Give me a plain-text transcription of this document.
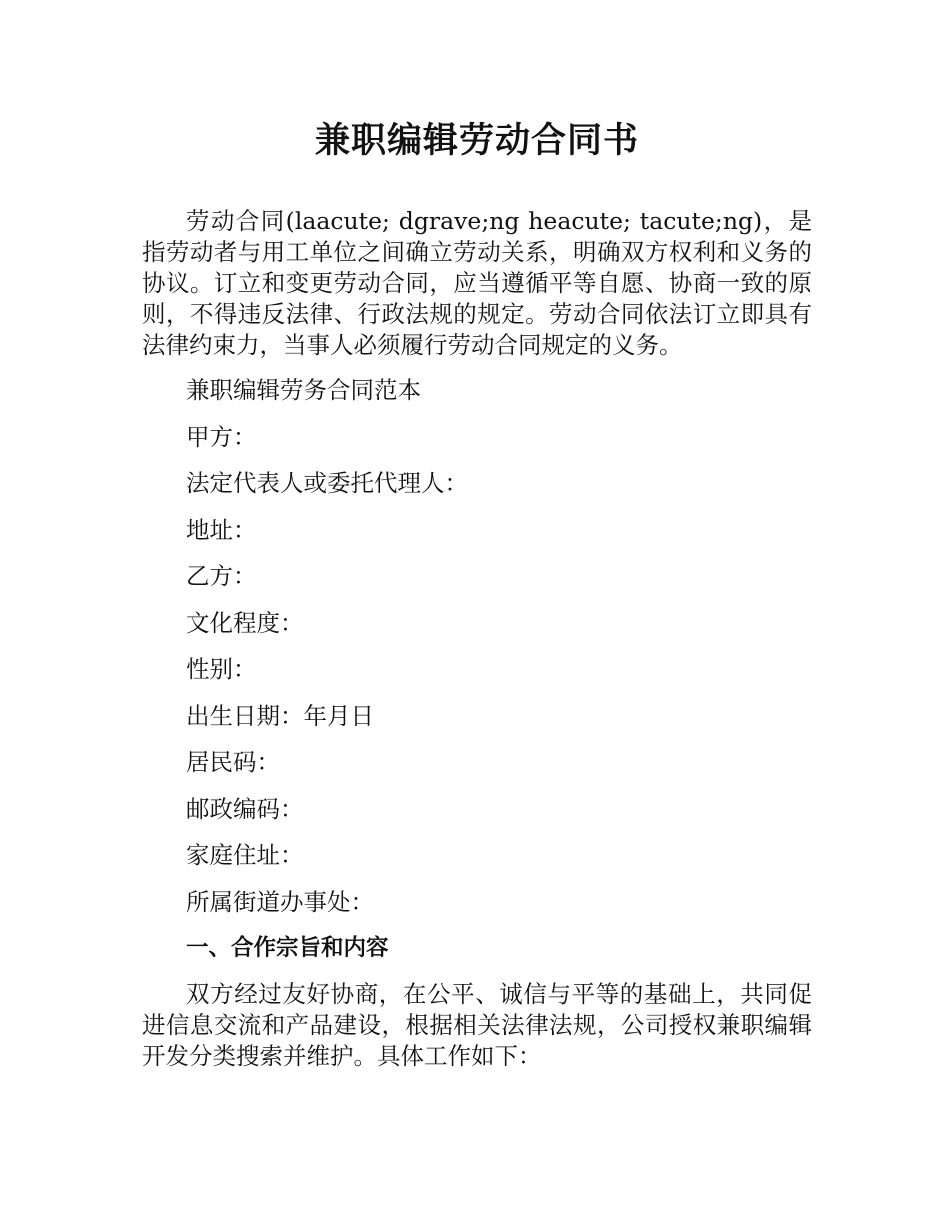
兼职编辑劳动合同书

劳动合同(laacute; dgrave;ng heacute; tacute;ng)，是指劳动者与用工单位之间确立劳动关系，明确双方权利和义务的协议。订立和变更劳动合同，应当遵循平等自愿、协商一致的原则，不得违反法律、行政法规的规定。劳动合同依法订立即具有法律约束力，当事人必须履行劳动合同规定的义务。

兼职编辑劳务合同范本
甲方：
法定代表人或委托代理人：
地址：
乙方：
文化程度：
性别：
出生日期：年月日
居民码：
邮政编码：
家庭住址：
所属街道办事处：
一、合作宗旨和内容

双方经过友好协商，在公平、诚信与平等的基础上，共同促进信息交流和产品建设，根据相关法律法规，公司授权兼职编辑开发分类搜索并维护。具体工作如下：
